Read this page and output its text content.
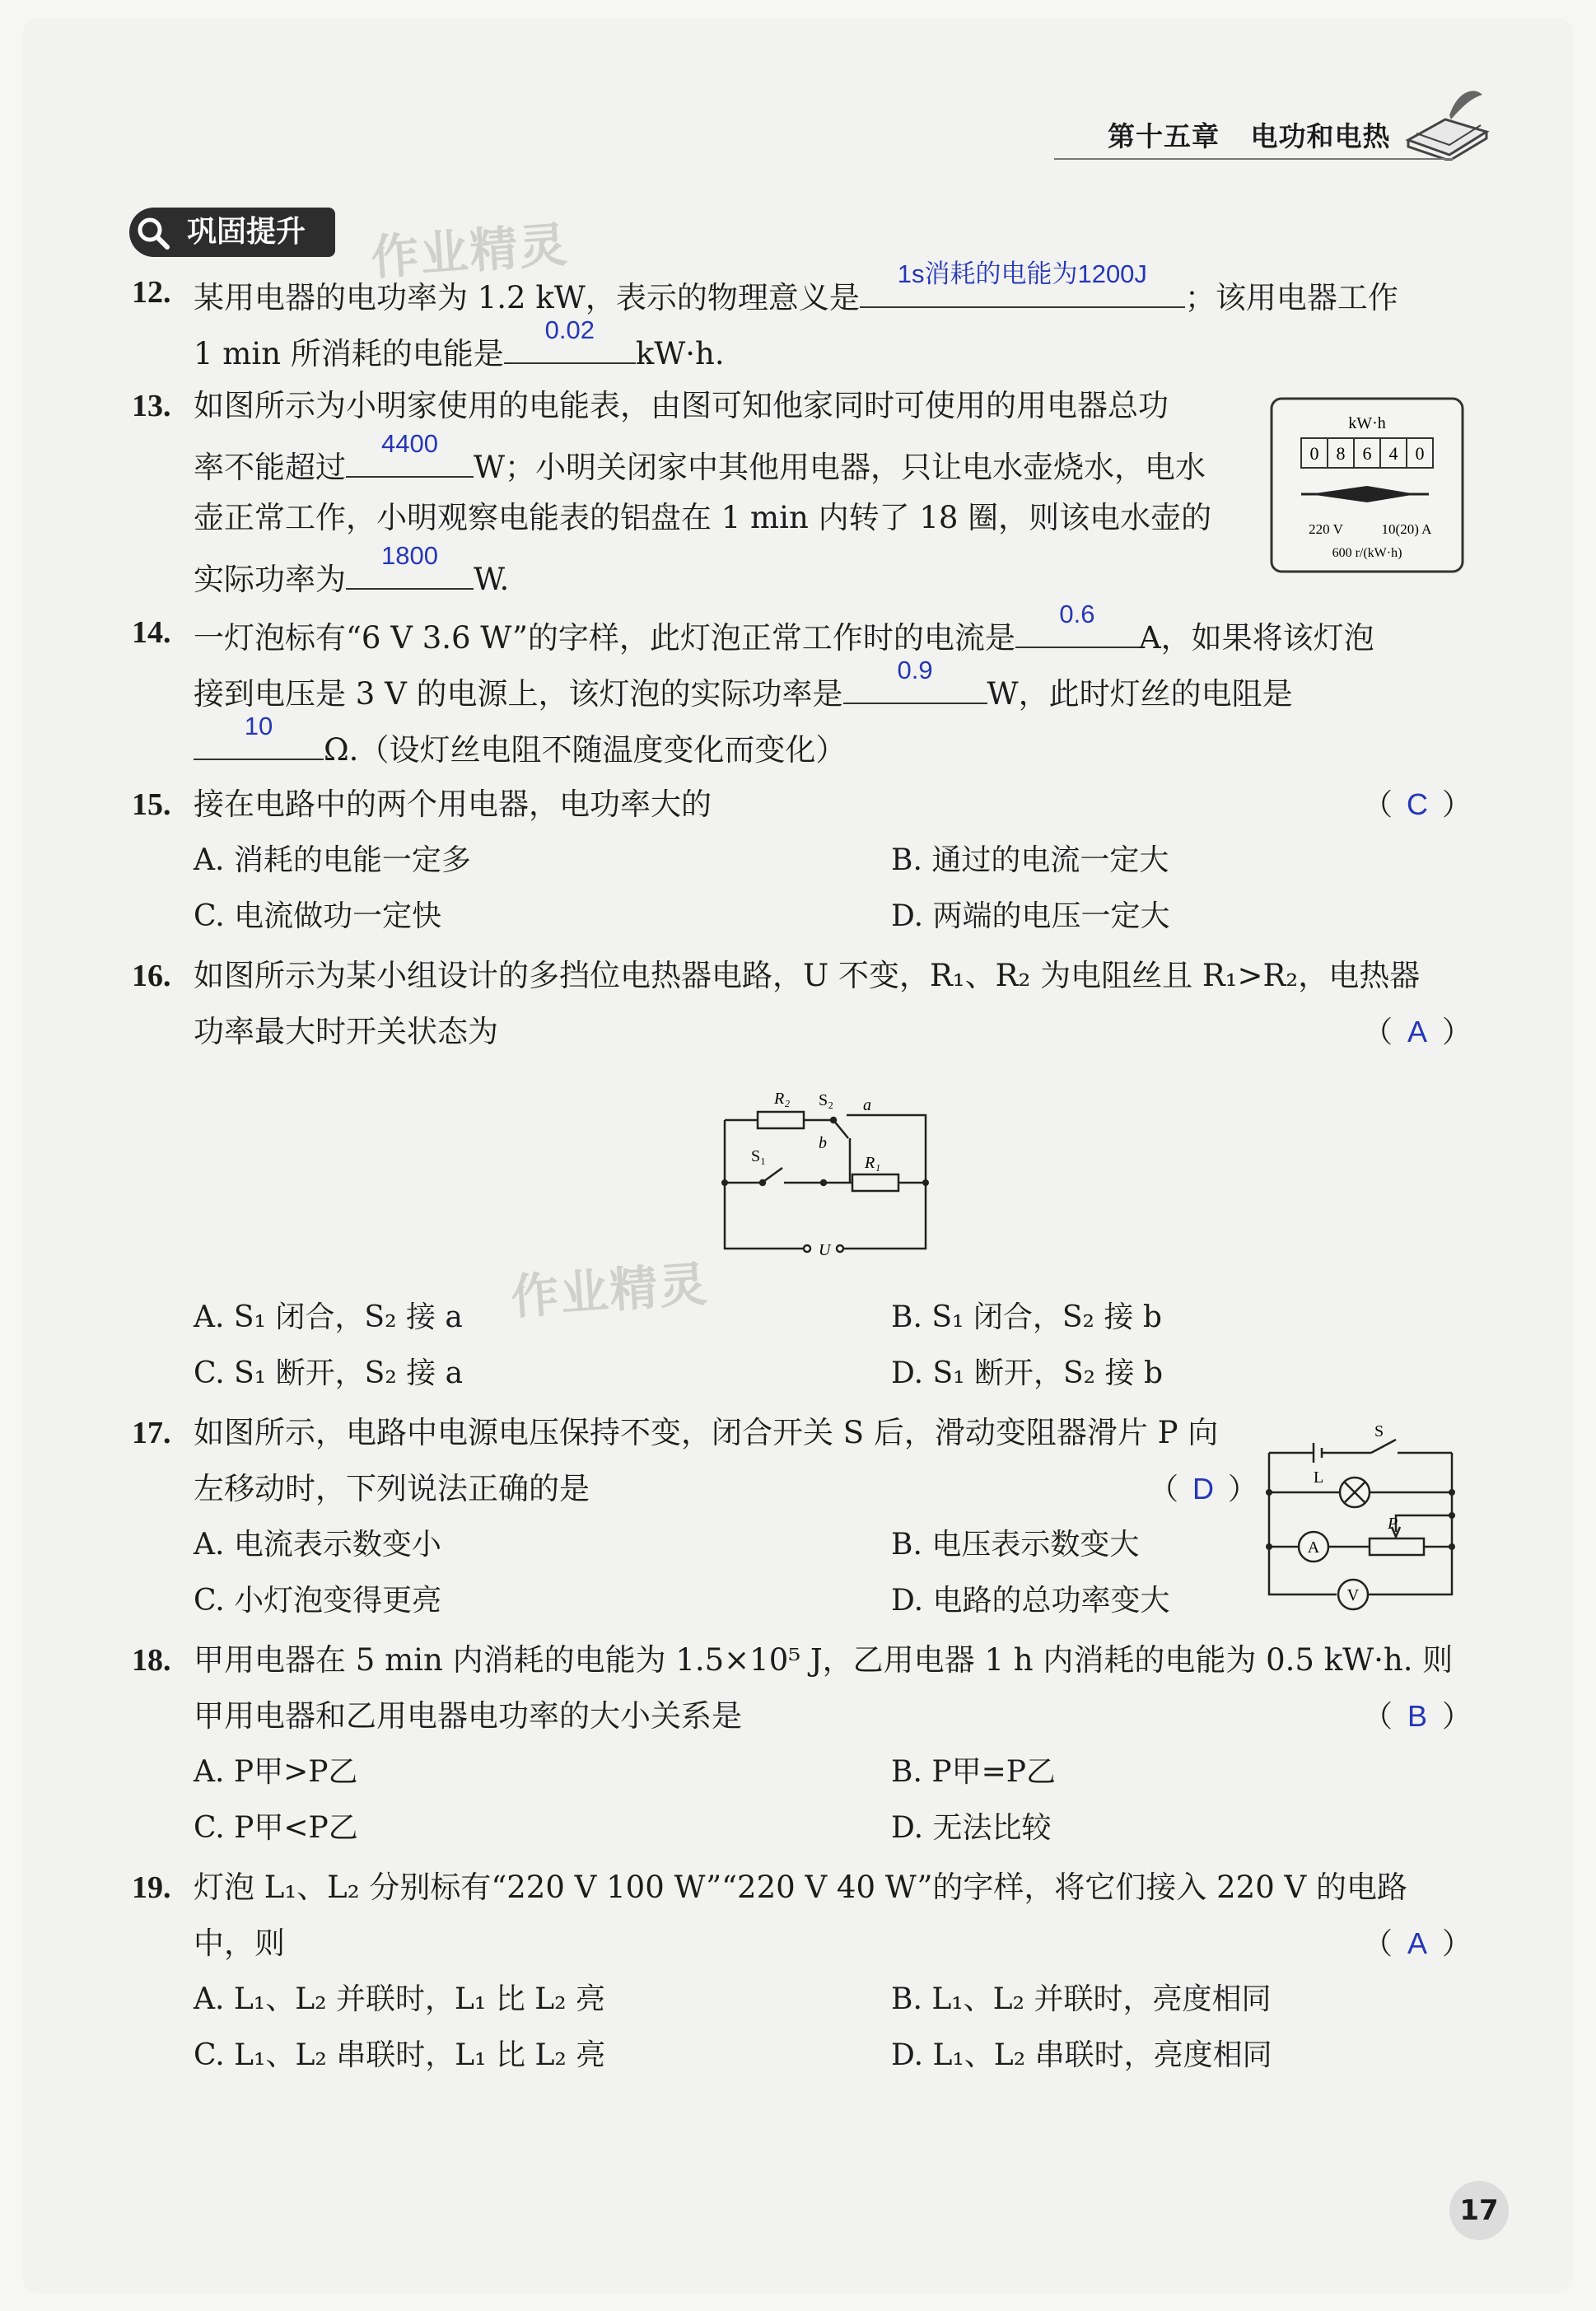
第十五章 电功和电热
巩固提升	作业精灵
作业精灵
12. 某用电器的电功率为 1.2 kW，表示的物理意义是
1s消耗的电能为1200J
；该用电器工作
1 min 所消耗的电能是
0.02
kW·h.
13. 如图所示为小明家使用的电能表，由图可知他家同时可使用的用电器总功
率不能超过
4400
W；小明关闭家中其他用电器，只让电水壶烧水，电水
壶正常工作，小明观察电能表的铝盘在 1 min 内转了 18 圈，则该电水壶的
实际功率为
1800
W.
kW·h
0 8 6 4 0
220 V	10(20) A
600 r/(kW·h)
14. 一灯泡标有“6 V 3.6 W”的字样，此灯泡正常工作时的电流是
0.6
A，如果将该灯泡
接到电压是 3 V 的电源上，该灯泡的实际功率是
0.9
W，此时灯丝的电阻是
10
Ω.（设灯丝电阻不随温度变化而变化）
15. 接在电路中的两个用电器，电功率大的	（ C ）
A. 消耗的电能一定多	B. 通过的电流一定大
C. 电流做功一定快	D. 两端的电压一定大
16. 如图所示为某小组设计的多挡位电热器电路，U 不变，R₁、R₂ 为电阻丝且 R₁>R₂，电热器
功率最大时开关状态为	（ A ）
R₂ S₂ a
S₁
b
R₁
U
A. S₁ 闭合，S₂ 接 a	B. S₁ 闭合，S₂ 接 b
C. S₁ 断开，S₂ 接 a	D. S₁ 断开，S₂ 接 b
17. 如图所示，电路中电源电压保持不变，闭合开关 S 后，滑动变阻器滑片 P 向
左移动时，下列说法正确的是	（ D ）
S
L
P
A
V
A. 电流表示数变小	B. 电压表示数变大
C. 小灯泡变得更亮	D. 电路的总功率变大
18. 甲用电器在 5 min 内消耗的电能为 1.5×10⁵ J，乙用电器 1 h 内消耗的电能为 0.5 kW·h. 则
甲用电器和乙用电器电功率的大小关系是	（ B ）
A. P甲>P乙	B. P甲=P乙
C. P甲<P乙	D. 无法比较
19. 灯泡 L₁、L₂ 分别标有“220 V 100 W”“220 V 40 W”的字样，将它们接入 220 V 的电路
中，则	（ A ）
A. L₁、L₂ 并联时，L₁ 比 L₂ 亮	B. L₁、L₂ 并联时，亮度相同
C. L₁、L₂ 串联时，L₁ 比 L₂ 亮	D. L₁、L₂ 串联时，亮度相同
17
